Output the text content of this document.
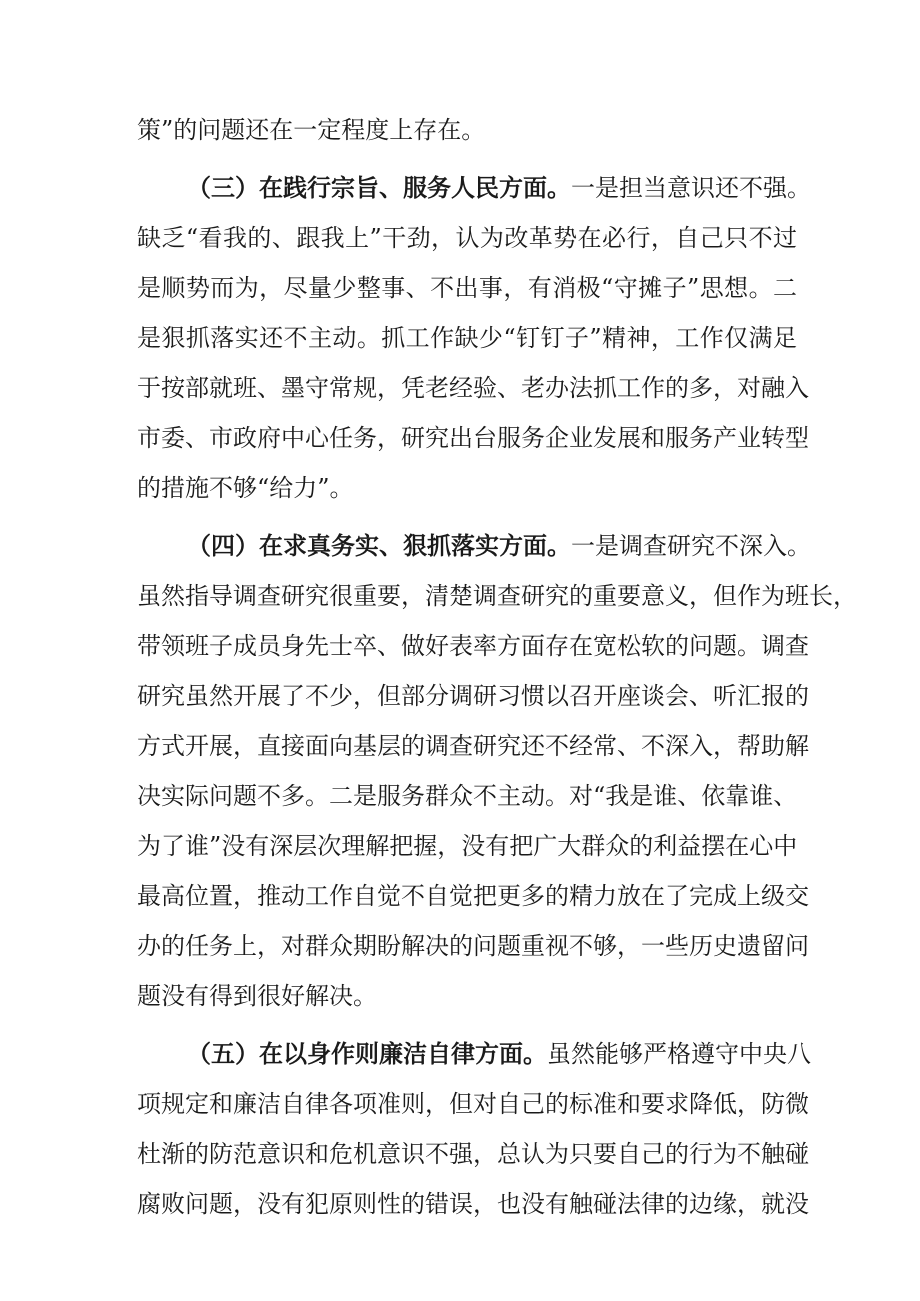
策”的问题还在一定程度上存在。
（三）在践行宗旨、服务人民方面。一是担当意识还不强。
缺乏“看我的、跟我上”干劲，认为改革势在必行，自己只不过
是顺势而为，尽量少整事、不出事，有消极“守摊子”思想。二
是狠抓落实还不主动。抓工作缺少“钉钉子”精神，工作仅满足
于按部就班、墨守常规，凭老经验、老办法抓工作的多，对融入
市委、市政府中心任务，研究出台服务企业发展和服务产业转型
的措施不够“给力”。
（四）在求真务实、狠抓落实方面。一是调查研究不深入。
虽然指导调查研究很重要，清楚调查研究的重要意义，但作为班长，
带领班子成员身先士卒、做好表率方面存在宽松软的问题。调查
研究虽然开展了不少，但部分调研习惯以召开座谈会、听汇报的
方式开展，直接面向基层的调查研究还不经常、不深入，帮助解
决实际问题不多。二是服务群众不主动。对“我是谁、依靠谁、
为了谁”没有深层次理解把握，没有把广大群众的利益摆在心中
最高位置，推动工作自觉不自觉把更多的精力放在了完成上级交
办的任务上，对群众期盼解决的问题重视不够，一些历史遗留问
题没有得到很好解决。
（五）在以身作则廉洁自律方面。虽然能够严格遵守中央八
项规定和廉洁自律各项准则，但对自己的标准和要求降低，防微
杜渐的防范意识和危机意识不强，总认为只要自己的行为不触碰
腐败问题，没有犯原则性的错误，也没有触碰法律的边缘，就没
